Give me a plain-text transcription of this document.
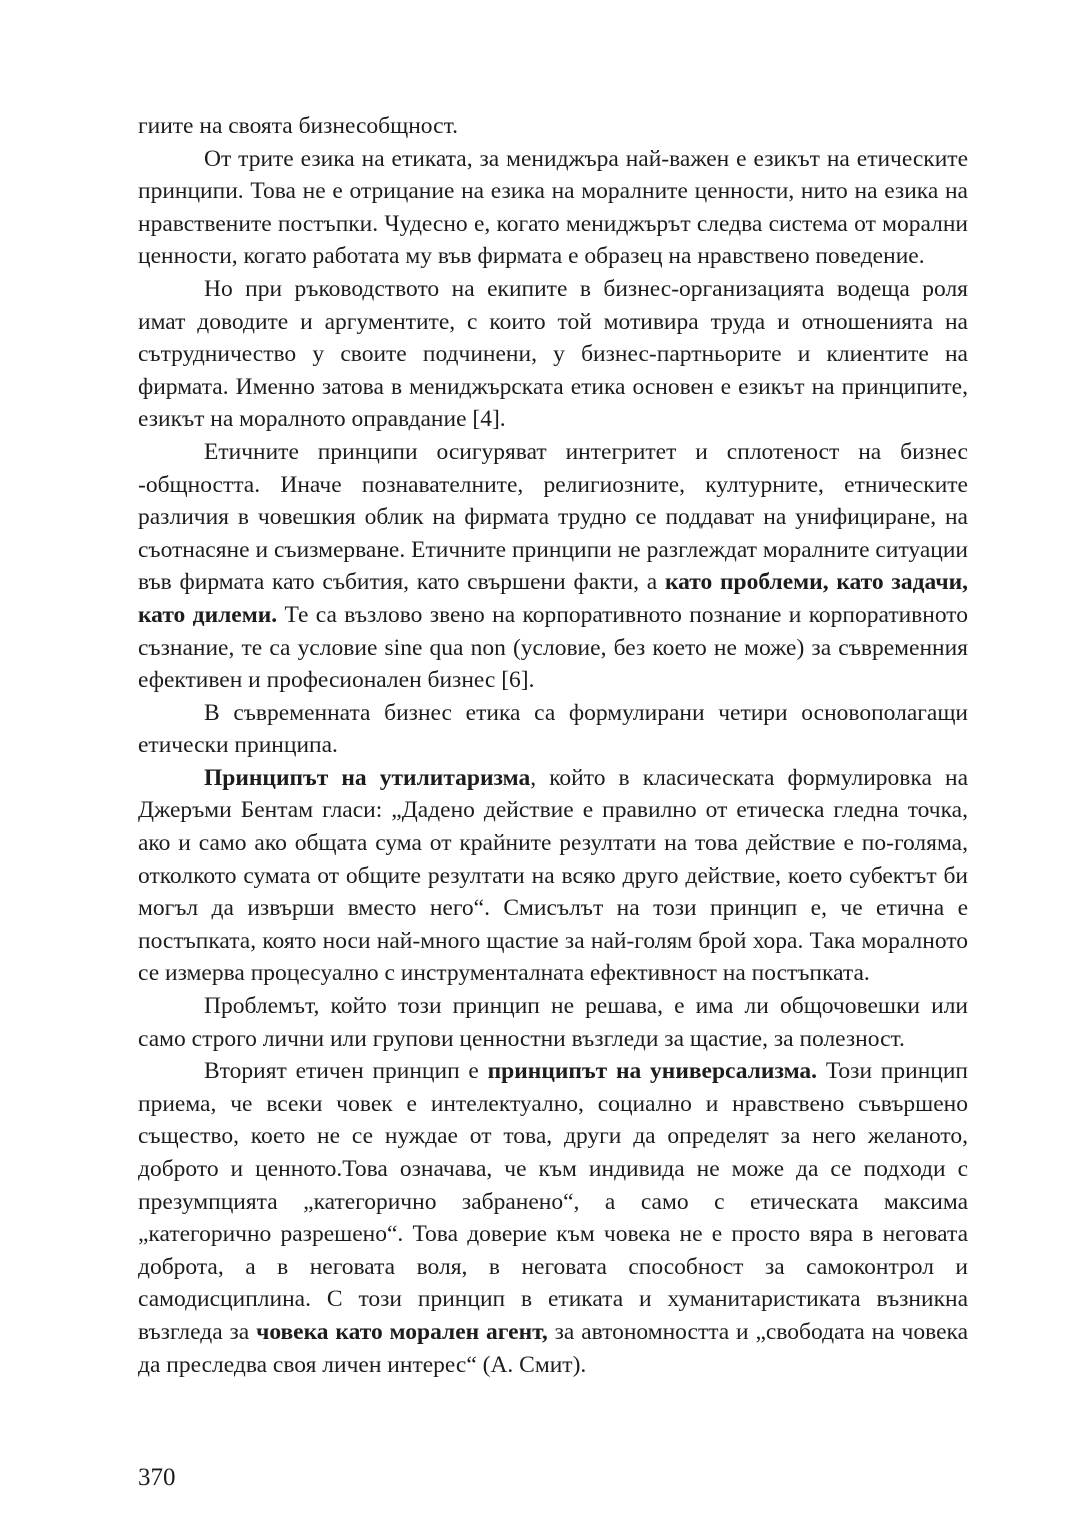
гиите на своята бизнесобщност.

От трите езика на етиката, за мениджъра най-важен е езикът на етическите принципи. Това не е отрицание на езика на моралните ценности, нито на езика на нравствените постъпки. Чудесно е, когато мениджърът следва система от морални ценности, когато работата му във фирмата е образец на нравствено поведение.

Но при ръководството на екипите в бизнес-организацията водеща роля имат доводите и аргументите, с които той мотивира труда и отношенията на сътрудничество у своите подчинени, у бизнес-партньорите и клиентите на фирмата. Именно затова в мениджърската етика основен е езикът на принципите, езикът на моралното оправдание [4].

Етичните принципи осигуряват интегритет и сплотеност на бизнес -общността. Иначе познавателните, религиозните, културните, етническите различия в човешкия облик на фирмата трудно се поддават на унифициране, на съотнасяне и съизмерване. Етичните принципи не разглеждат моралните ситуации във фирмата като събития, като свършени факти, а като проблеми, като задачи, като дилеми. Те са възлово звено на корпоративното познание и корпоративното съзнание, те са условие sine qua non (условие, без което не може) за съвременния ефективен и професионален бизнес [6].

В съвременната бизнес етика са формулирани четири основополагащи етически принципа.

Принципът на утилитаризма, който в класическата формулировка на Джеръми Бентам гласи: „Дадено действие е правилно от етическа гледна точка, ако и само ако общата сума от крайните резултати на това действие е по-голяма, отколкото сумата от общите резултати на всяко друго действие, което субектът би могъл да извърши вместо него“. Смисълът на този принцип е, че етична е постъпката, която носи най-много щастие за най-голям брой хора. Така моралното се измерва процесуално с инструменталната ефективност на постъпката.

Проблемът, който този принцип не решава, е има ли общочовешки или само строго лични или групови ценностни възгледи за щастие, за полезност.

Вторият етичен принцип е принципът на универсализма. Този принцип приема, че всеки човек е интелектуално, социално и нравствено съвършено същество, което не се нуждае от това, други да определят за него желаното, доброто и ценното.Това означава, че към индивида не може да се подходи с презумпцията „категорично забранено“, а само с етическата максима „категорично разрешено“. Това доверие към човека не е просто вяра в неговата доброта, а в неговата воля, в неговата способност за самоконтрол и самодисциплина. С този принцип в етиката и хуманитаристиката възникна възгледа за човека като морален агент, за автономността и „свободата на човека да преследва своя личен интерес“ (А. Смит).

370
